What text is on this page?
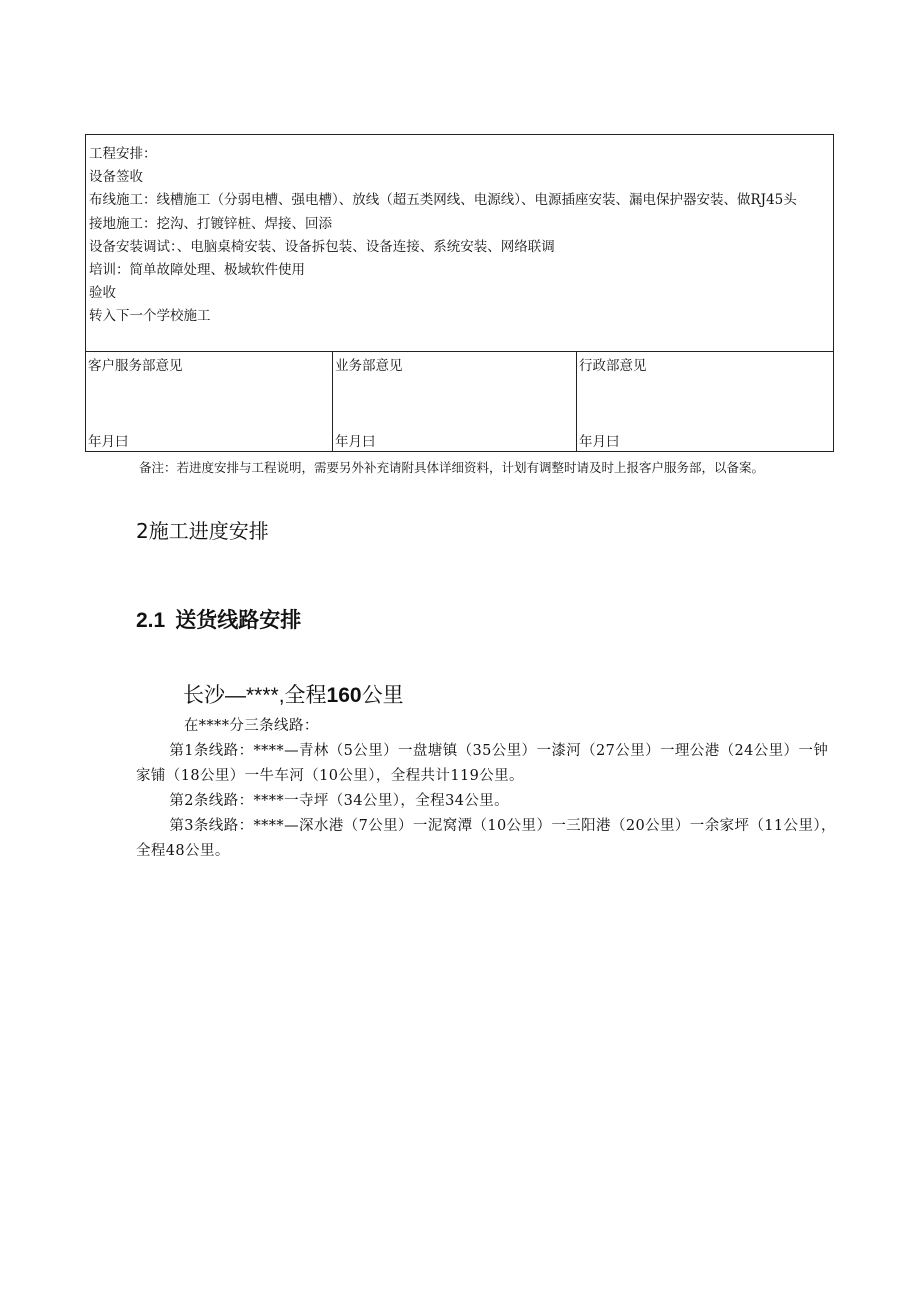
工程安排：
设备签收
布线施工：线槽施工（分弱电槽、强电槽）、放线（超五类网线、电源线）、电源插座安装、漏电保护器安装、做RJ45头
接地施工：挖沟、打镀锌桩、焊接、回添
设备安装调试：、电脑桌椅安装、设备拆包装、设备连接、系统安装、网络联调
培训：简单故障处理、极域软件使用
验收
转入下一个学校施工
客户服务部意见
年月曰
业务部意见
年月曰
行政部意见
年月曰
备注：若进度安排与工程说明，需要另外补充请附具体详细资料，计划有调整时请及时上报客户服务部，以备案。
2施工进度安排
2.1 送货线路安排
长沙—****,全程160公里

在****分三条线路：

第1条线路：****—青林（5公里）一盘塘镇（35公里）一漆河（27公里）一理公港（24公里）一钟家铺（18公里）一牛车河（10公里），全程共计119公里。

第2条线路：****一寺坪（34公里），全程34公里。

第3条线路：****—深水港（7公里）一泥窝潭（10公里）一三阳港（20公里）一余家坪（11公里），全程48公里。
